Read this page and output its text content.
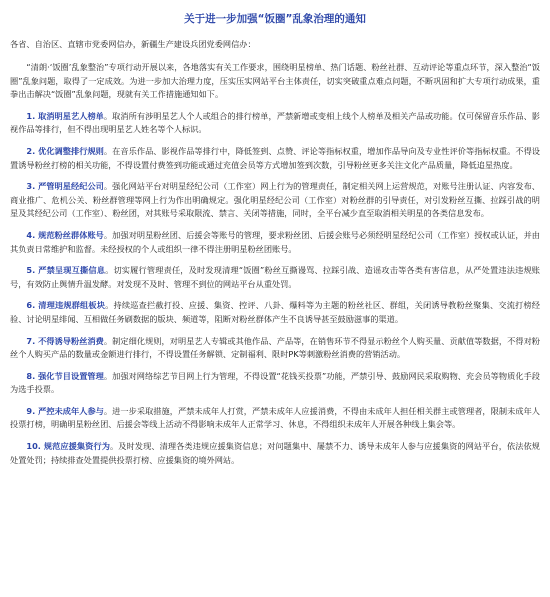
关于进一步加强“饭圈”乱象治理的通知
各省、自治区、直辖市党委网信办，新疆生产建设兵团党委网信办：
“清朗·‘饭圈’乱象整治”专项行动开展以来，各地落实有关工作要求，围绕明星榜单、热门话题、粉丝社群、互动评论等重点环节，深入整治“饭圈”乱象问题，取得了一定成效。为进一步加大治理力度，压实压实网站平台主体责任，切实突破重点难点问题，不断巩固和扩大专项行动成果，重拳出击解决“饭圈”乱象问题，现就有关工作措施通知如下。
1. 取消明星艺人榜单。取消所有涉明星艺人个人或组合的排行榜单，严禁新增或变相上线个人榜单及相关产品或功能。仅可保留音乐作品、影视作品等排行，但不得出现明星艺人姓名等个人标识。
2. 优化调整排行规则。在音乐作品、影视作品等排行中，降低签到、点赞、评论等指标权重，增加作品导向及专业性评价等指标权重。不得设置诱导粉丝打榜的相关功能，不得设置付费签到功能或通过充值会员等方式增加签到次数，引导粉丝更多关注文化产品质量，降低追星热度。
3. 严管明星经纪公司。强化网站平台对明星经纪公司（工作室）网上行为的管理责任，制定相关网上运营规范，对账号注册认证、内容发布、商业推广、危机公关、粉丝群管理等网上行为作出明确规定。强化明星经纪公司（工作室）对粉丝群的引导责任，对引发粉丝互撕、拉踩引战的明星及其经纪公司（工作室）、粉丝团，对其账号采取限流、禁言、关闭等措施，同时，全平台减少直至取消相关明星的各类信息发布。
4. 规范粉丝群体账号。加强对明星粉丝团、后援会等账号的管理，要求粉丝团、后援会账号必须经明星经纪公司（工作室）授权或认证，并由其负责日常维护和监督。未经授权的个人或组织一律不得注册明星粉丝团账号。
5. 严禁呈现互撕信息。切实履行管理责任，及时发现清理“饭圈”粉丝互撕谩骂、拉踩引战、造谣攻击等各类有害信息，从严处置违法违规账号，有效防止舆情升温发酵。对发现不及时、管理不到位的网站平台从重处罚。
6. 清理违规群组板块。持续巡查拦截打投、应援、集资、控评、八卦、爆料等为主题的粉丝社区、群组，关闭诱导教粉丝聚集、交流打榜经验、讨论明星绯闻、互相做任务刷数据的版块、频道等，阻断对粉丝群体产生不良诱导甚至鼓励滋事的渠道。
7. 不得诱导粉丝消费。制定细化规则，对明星艺人专辑或其他作品、产品等，在销售环节不得显示粉丝个人购买量、贡献值等数据，不得对粉丝个人购买产品的数量或金额进行排行，不得设置任务解锁、定制福利、限时PK等刺激粉丝消费的营销活动。
8. 强化节目设置管理。加强对网络综艺节目网上行为管理，不得设置“花钱买投票”功能，严禁引导、鼓励网民采取购物、充会员等物质化手段为选手投票。
9. 严控未成年人参与。进一步采取措施，严禁未成年人打赏，严禁未成年人应援消费，不得由未成年人担任相关群主或管理者，限制未成年人投票打榜，明确明星粉丝团、后援会等线上活动不得影响未成年人正常学习、休息，不得组织未成年人开展各种线上集会等。
10. 规范应援集资行为。及时发现、清理各类违规应援集资信息；对问题集中、屡禁不力、诱导未成年人参与应援集资的网站平台，依法依规处置处罚；持续排查处置提供投票打榜、应援集资的境外网站。
